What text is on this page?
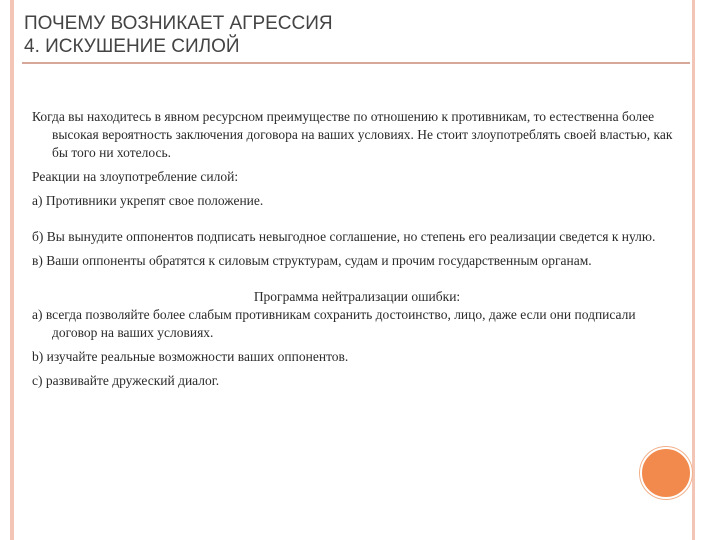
ПОЧЕМУ ВОЗНИКАЕТ АГРЕССИЯ
4. ИСКУШЕНИЕ СИЛОЙ

Когда вы находитесь в явном ресурсном преимуществе по отношению к противникам, то естественна более высокая вероятность заключения договора на ваших условиях. Не стоит злоупотреблять своей властью, как бы того ни хотелось.

Реакции на злоупотребление силой:

а) Противники укрепят свое положение.

б) Вы вынудите оппонентов подписать невыгодное соглашение, но степень его реализации сведется к нулю.

в) Ваши оппоненты обратятся к силовым структурам, судам и прочим государственным органам.

Программа нейтрализации ошибки:

а) всегда позволяйте более слабым противникам сохранить достоинство, лицо, даже если они подписали договор на ваших условиях.

b) изучайте реальные возможности ваших оппонентов.

c) развивайте дружеский диалог.
